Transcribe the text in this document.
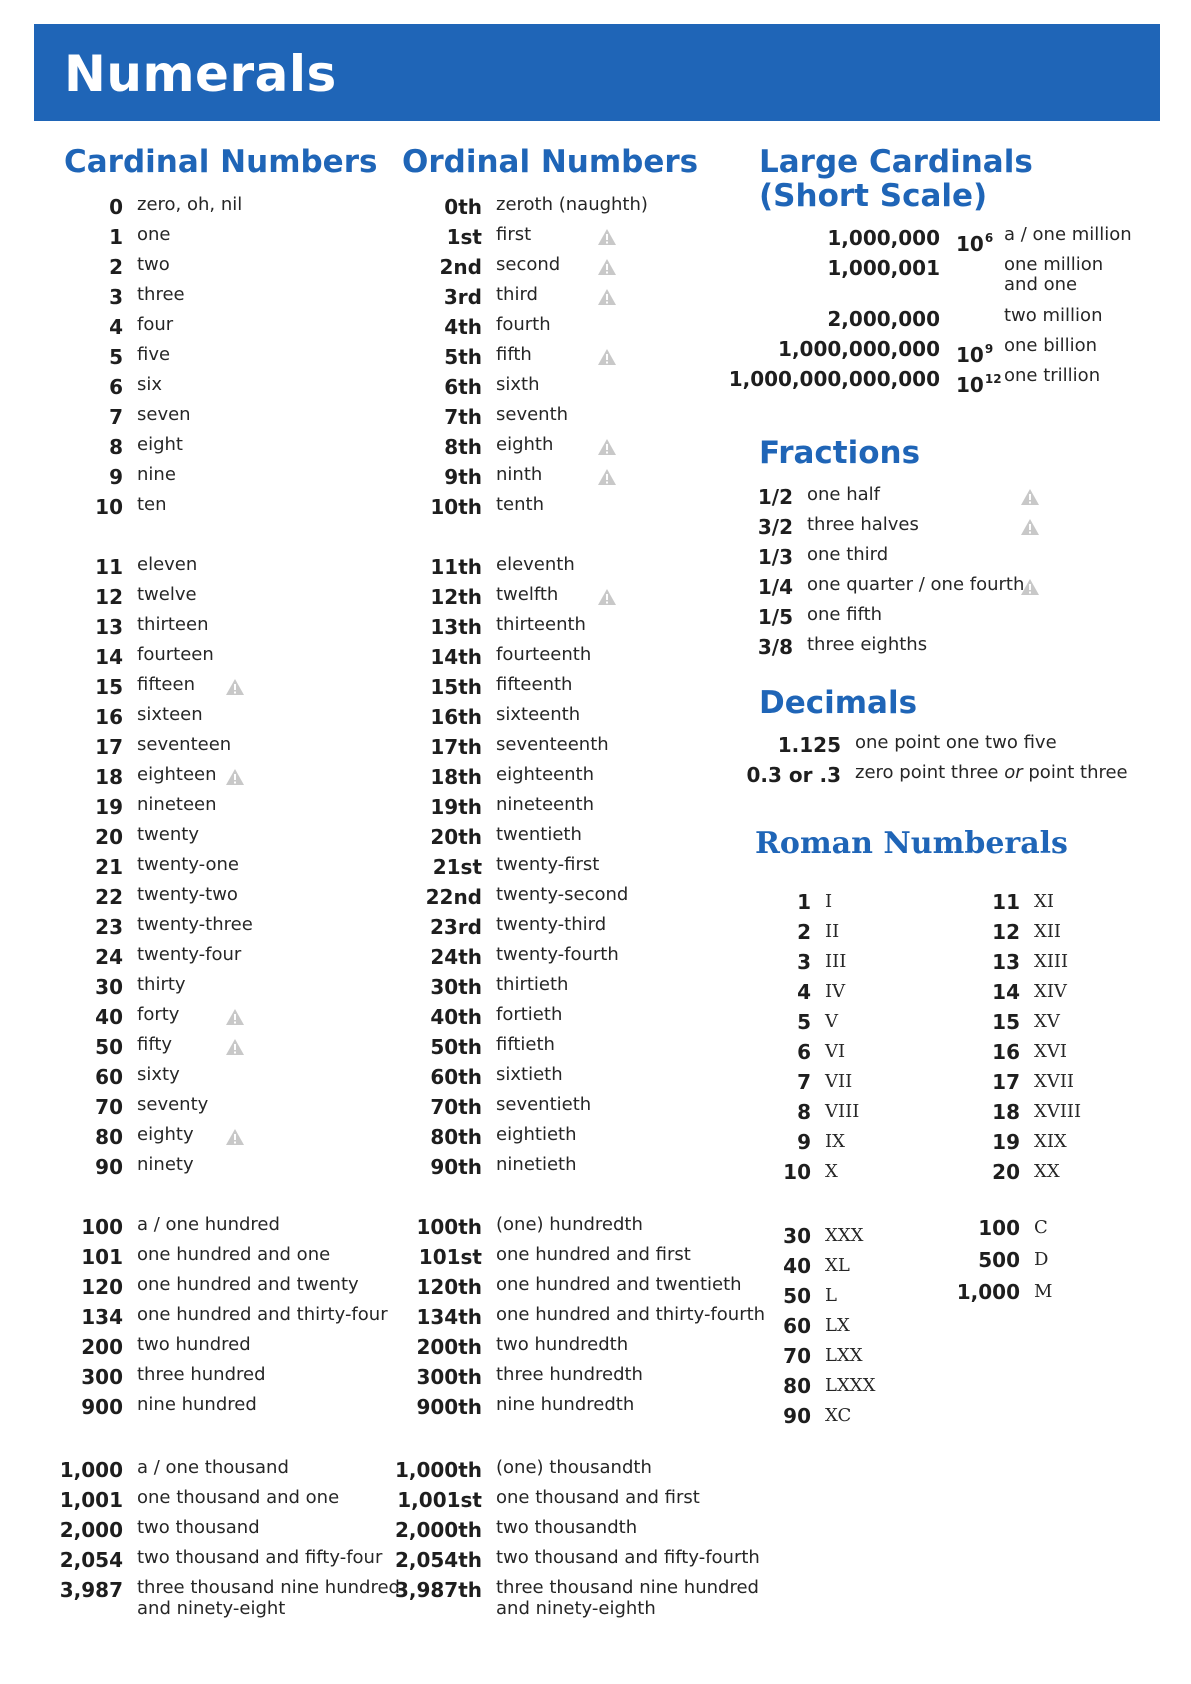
Numerals
Cardinal Numbers Ordinal Numbers Large Cardinals
(Short Scale)
Fractions
Decimals
Roman Numberals
0 zero, oh, nil
1 one
2 two
3 three
4 four
5 five
6 six
7 seven
8 eight
9 nine
10 ten
11 eleven
12 twelve
13 thirteen
14 fourteen
15 fifteen
16 sixteen
17 seventeen
18 eighteen
19 nineteen
20 twenty
21 twenty-one
22 twenty-two
23 twenty-three
24 twenty-four
30 thirty
40 forty
50 fifty
60 sixty
70 seventy
80 eighty
90 ninety
100 a / one hundred
101 one hundred and one
120 one hundred and twenty
134 one hundred and thirty-four
200 two hundred
300 three hundred
900 nine hundred
1,000 a / one thousand
1,001 one thousand and one
2,000 two thousand
2,054 two thousand and fifty-four
3,987 three thousand nine hundred
and ninety-eight
0th zeroth (naughth)
1st first
2nd second
3rd third
4th fourth
5th fifth
6th sixth
7th seventh
8th eighth
9th ninth
10th tenth
11th eleventh
12th twelfth
13th thirteenth
14th fourteenth
15th fifteenth
16th sixteenth
17th seventeenth
18th eighteenth
19th nineteenth
20th twentieth
21st twenty-first
22nd twenty-second
23rd twenty-third
24th twenty-fourth
30th thirtieth
40th fortieth
50th fiftieth
60th sixtieth
70th seventieth
80th eightieth
90th ninetieth
100th (one) hundredth
101st one hundred and first
120th one hundred and twentieth
134th one hundred and thirty-fourth
200th two hundredth
300th three hundredth
900th nine hundredth
1,000th (one) thousandth
1,001st one thousand and first
2,000th two thousandth
2,054th two thousand and fifty-fourth
3,987th three thousand nine hundred
and ninety-eighth
1,000,000 $10^6$ a / one million
1,000,001	one million
and one
2,000,000	two million
1,000,000,000 $10^9$ one billion
1,000,000,000,000 $10^{12}$ one trillion
1/2 one half
3/2 three halves
1/3 one third
1/4 one quarter / one fourth
1/5 one fifth
3/8 three eighths
1.125 one point one two five
0.3 or .3 zero point three or point three
1 I
2 II
3 III
4 IV
5 V
6 VI
7 VII
8 VIII
9 IX
10 X
11 XI
12 XII
13 XIII
14 XIV
15 XV
16 XVI
17 XVII
18 XVIII
19 XIX
20 XX
30 XXX
40 XL
50 L
60 LX
70 LXX
80 LXXX
90 XC
100 C
500 D
1,000 M
